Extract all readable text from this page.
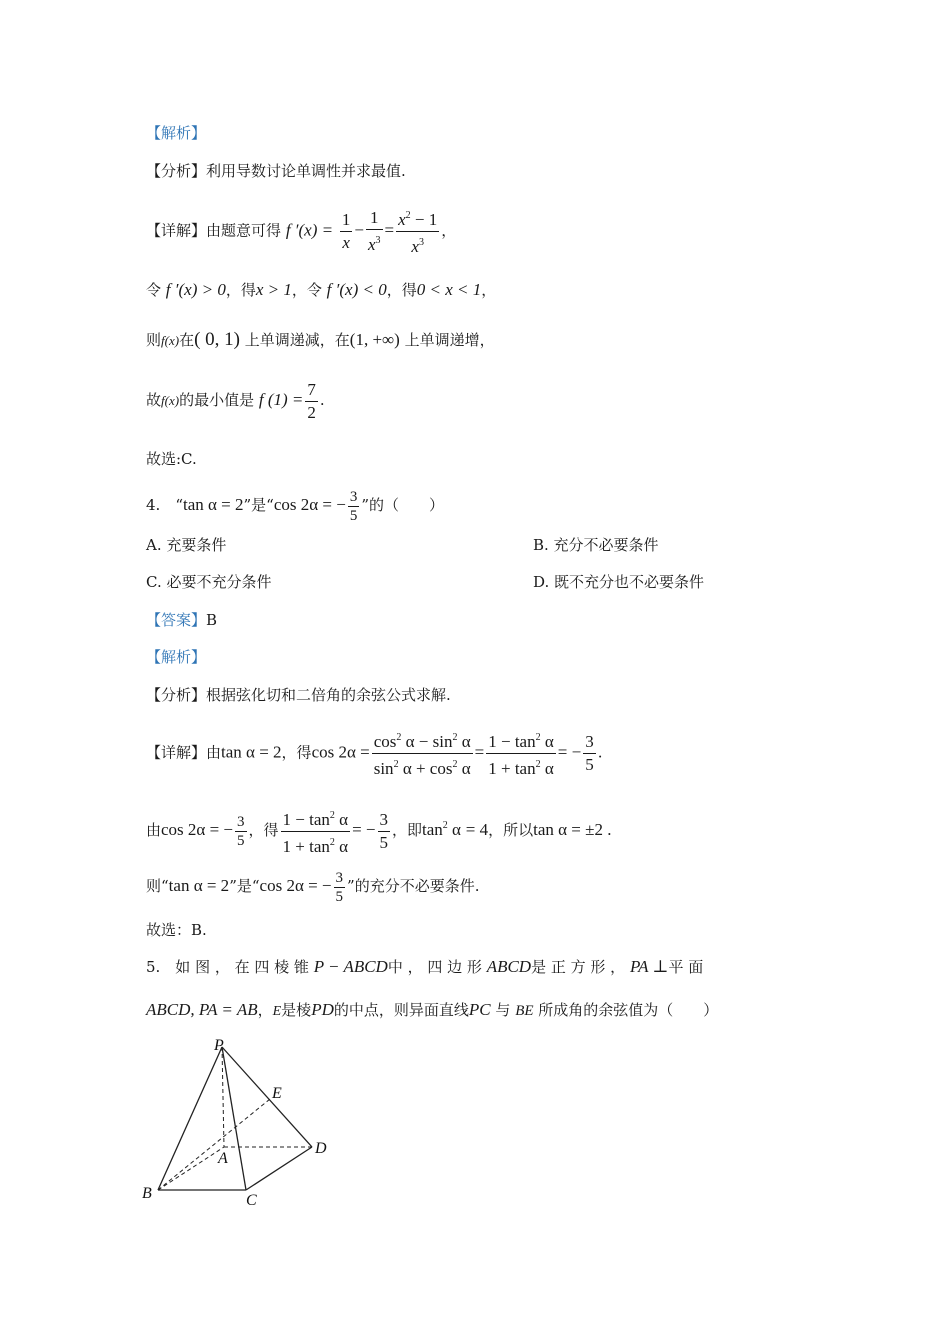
【解析】
【分析】利用导数讨论单调性并求最值.
【详解】由题意可得 f $'(x) = \frac{1}{x} - \frac{1}{x^3} = \frac{x^2 - 1}{x^3}$ ，
令 f ′(x) > 0，得x > 1，令 f ′(x) < 0，得0 < x < 1，
则f(x)在( 0, 1) 上单调递减，在(1, +∞) 上单调递增，
故f(x)的最小值是 f $(1) = \frac{7}{2}$ .
故选:C.
4.　“tan α = 2”是“cos 2α = − $\frac{3}{5}$ ”的（　　）
A. 充要条件	B. 充分不必要条件
C. 必要不充分条件	D. 既不充分也不必要条件
【答案】B
【解析】
【分析】根据弦化切和二倍角的余弦公式求解.
【详解】由tan α = 2，得$\cos 2\alpha = \frac{\cos^2 \alpha - \sin^2 \alpha}{\sin^2 \alpha + \cos^2 \alpha} = \frac{1 - \tan^2 \alpha}{1 + \tan^2 \alpha}$ = − $\frac{3}{5}$ .
由cos 2α = − $\frac{3}{5}$ ，得 $\frac{1 - \tan^2 \alpha}{1 + \tan^2 \alpha}$ = − $\frac{3}{5}$ ，即$\tan^2 \alpha = 4$，所以tan α = ±2 .
则“tan α = 2”是“cos 2α = − $\frac{3}{5}$ ”的充分不必要条件.
故选：B.
5.　如 图 ， 在 四 棱 锥 P − ABCD中 ， 四 边 形 ABCD是 正 方 形 ， PA ⊥平 面
ABCD, PA = AB，E是棱PD的中点，则异面直线PC 与 BE 所成角的余弦值为（　　）
P
E
A
D
B	C
